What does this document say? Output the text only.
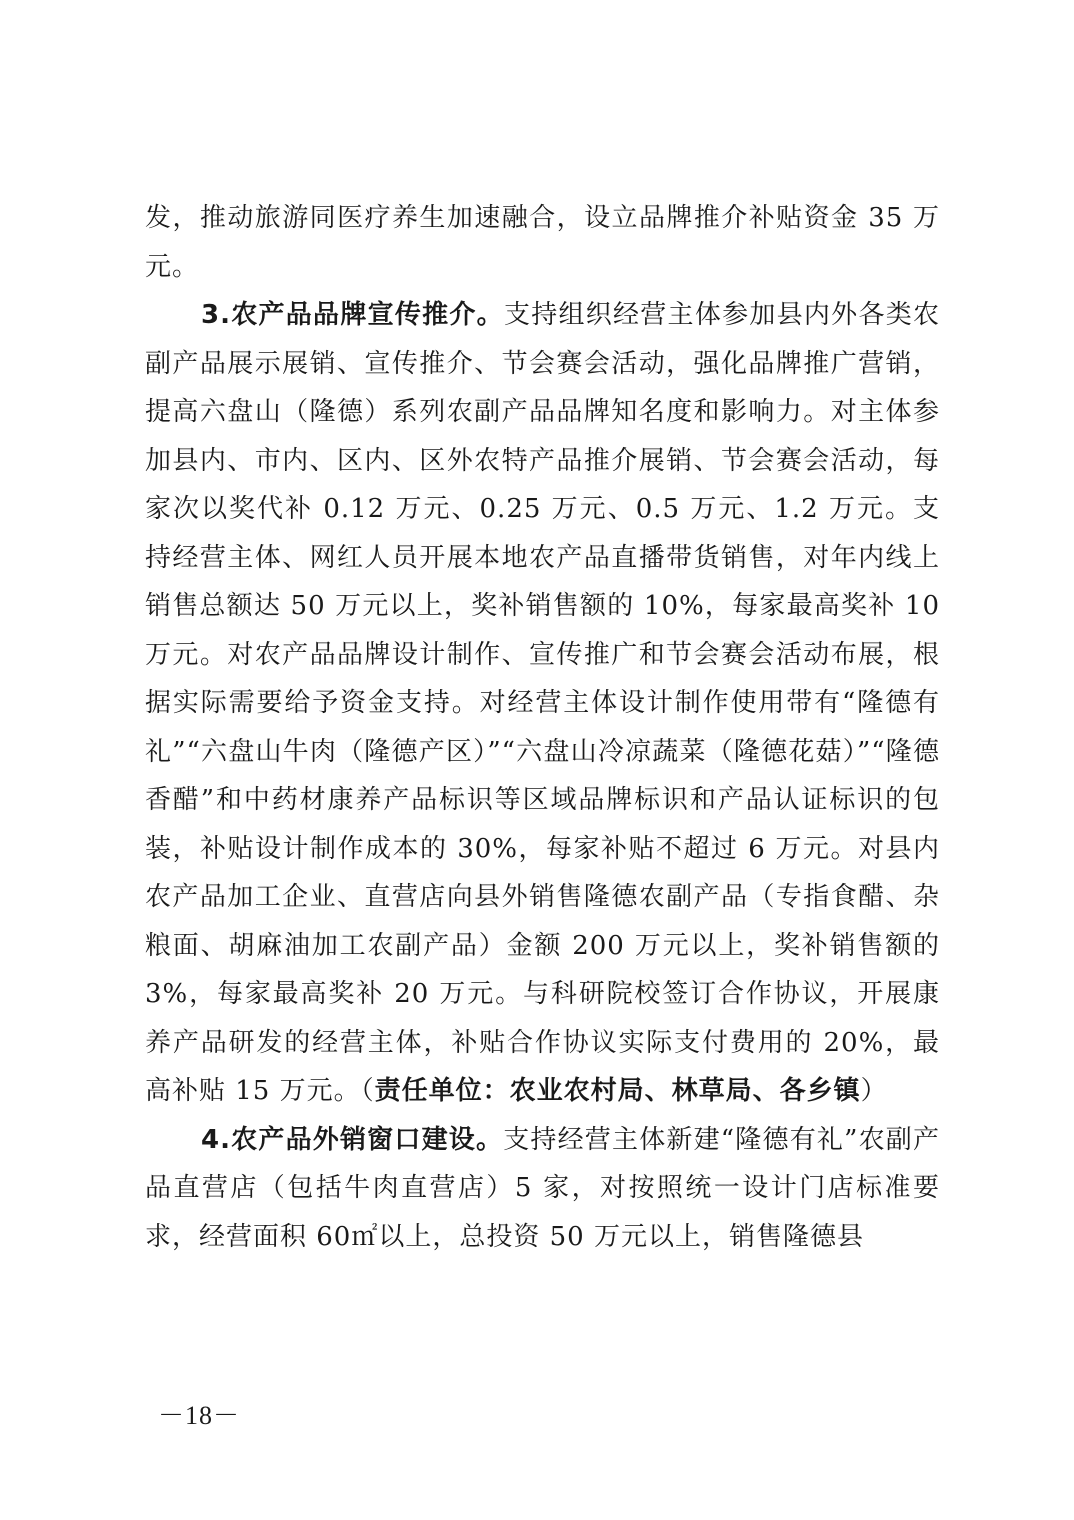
发，推动旅游同医疗养生加速融合，设立品牌推介补贴资金 35 万元。

3.农产品品牌宣传推介。支持组织经营主体参加县内外各类农副产品展示展销、宣传推介、节会赛会活动，强化品牌推广营销，提高六盘山（隆德）系列农副产品品牌知名度和影响力。对主体参加县内、市内、区内、区外农特产品推介展销、节会赛会活动，每家次以奖代补 0.12 万元、0.25 万元、0.5 万元、1.2 万元。支持经营主体、网红人员开展本地农产品直播带货销售，对年内线上销售总额达 50 万元以上，奖补销售额的 10%，每家最高奖补 10 万元。对农产品品牌设计制作、宣传推广和节会赛会活动布展，根据实际需要给予资金支持。对经营主体设计制作使用带有“隆德有礼”“六盘山牛肉（隆德产区）”“六盘山冷凉蔬菜（隆德花菇）”“隆德香醋”和中药材康养产品标识等区域品牌标识和产品认证标识的包装，补贴设计制作成本的 30%，每家补贴不超过 6 万元。对县内农产品加工企业、直营店向县外销售隆德农副产品（专指食醋、杂粮面、胡麻油加工农副产品）金额 200 万元以上，奖补销售额的 3%，每家最高奖补 20 万元。与科研院校签订合作协议，开展康养产品研发的经营主体，补贴合作协议实际支付费用的 20%，最高补贴 15 万元。（责任单位：农业农村局、林草局、各乡镇）

4.农产品外销窗口建设。支持经营主体新建“隆德有礼”农副产品直营店（包括牛肉直营店）5 家，对按照统一设计门店标准要求，经营面积 60㎡以上，总投资 50 万元以上，销售隆德县

－18－
